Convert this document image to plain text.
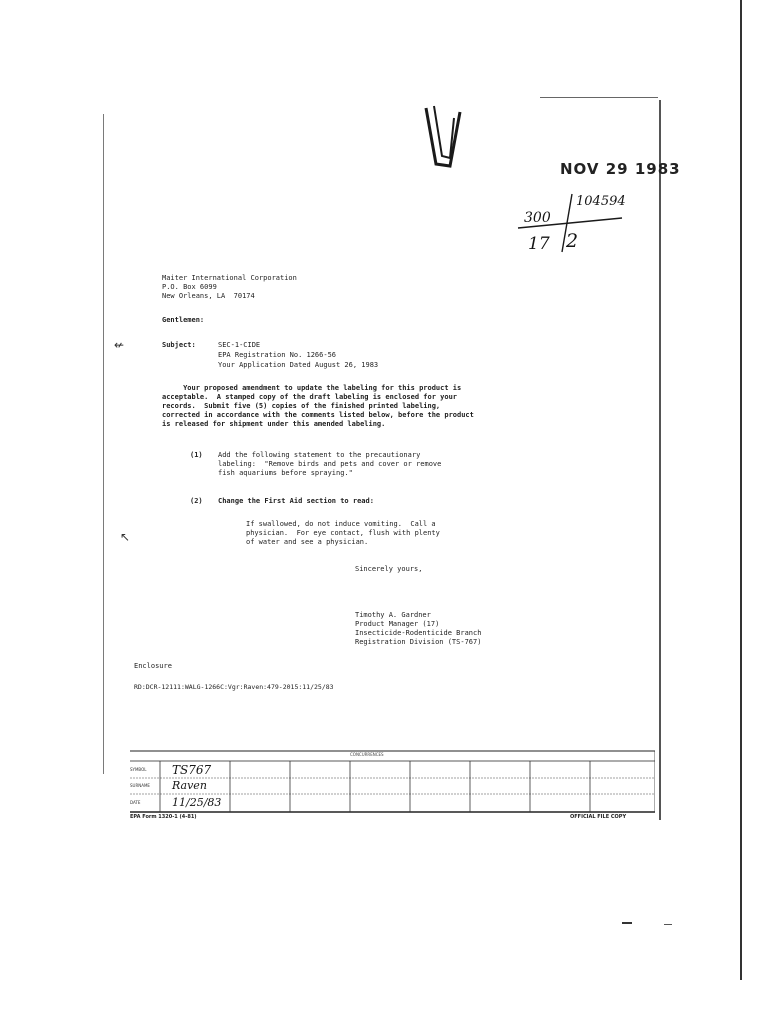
NOV 29 1983
300
104594
17 2
↚
↖
Maiter International Corporation
P.O. Box 6099
New Orleans, LA  70174
Gentlemen:
Subject:	SEC-1-CIDE
EPA Registration No. 1266-56
Your Application Dated August 26, 1983
Your proposed amendment to update the labeling for this product is
acceptable.  A stamped copy of the draft labeling is enclosed for your
records.  Submit five (5) copies of the finished printed labeling,
corrected in accordance with the comments listed below, before the product
is released for shipment under this amended labeling.
(1) Add the following statement to the precautionary
labeling:  "Remove birds and pets and cover or remove
fish aquariums before spraying."
(2) Change the First Aid section to read:
If swallowed, do not induce vomiting.  Call a
physician.  For eye contact, flush with plenty
of water and see a physician.
Sincerely yours,
Timothy A. Gardner
Product Manager (17)
Insecticide-Rodenticide Branch
Registration Division (TS-767)
Enclosure
RD:DCR-12111:WALG-1266C:Vgr:Raven:479-2015:11/25/83
CONCURRENCES
SYMBOL
SURNAME
DATE
TS767
Raven
11/25/83
EPA Form 1320-1 (4-81)	OFFICIAL FILE COPY
